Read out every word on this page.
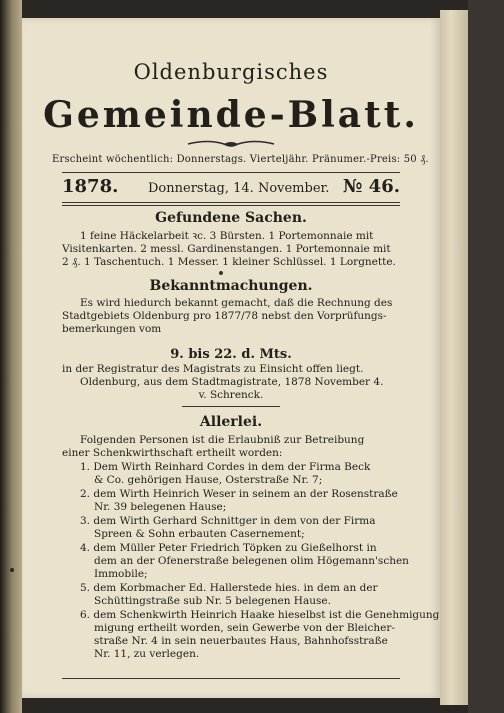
Oldenburgisches
Gemeinde-Blatt.
Erscheint wöchentlich: Donnerstags. Vierteljähr. Pränumer.-Preis: 50 ₰.
1878. Donnerstag, 14. November. № 46.
Gefundene Sachen.
1 feine Häckelarbeit ꝛc. 3 Bürsten. 1 Portemonnaie mit
Visitenkarten. 2 messl. Gardinenstangen. 1 Portemonnaie mit
2 ₰. 1 Taschentuch. 1 Messer. 1 kleiner Schlüssel. 1 Lorgnette.
Bekanntmachungen.
Es wird hiedurch bekannt gemacht, daß die Rechnung des
Stadtgebiets Oldenburg pro 1877/78 nebst den Vorprüfungs-
bemerkungen vom
9. bis 22. d. Mts.
in der Registratur des Magistrats zu Einsicht offen liegt.
Oldenburg, aus dem Stadtmagistrate, 1878 November 4.
v. Schrenck.
Allerlei.
Folgenden Personen ist die Erlaubniß zur Betreibung
einer Schenkwirthschaft ertheilt worden:
1. Dem Wirth Reinhard Cordes in dem der Firma Beck
& Co. gehörigen Hause, Osterstraße Nr. 7;
2. dem Wirth Heinrich Weser in seinem an der Rosenstraße
Nr. 39 belegenen Hause;
3. dem Wirth Gerhard Schnittger in dem von der Firma
Spreen & Sohn erbauten Casernement;
4. dem Müller Peter Friedrich Töpken zu Gießelhorst in
dem an der Ofenerstraße belegenen olim Högemann'schen
Immobile;
5. dem Korbmacher Ed. Hallerstede hies. in dem an der
Schüttingstraße sub Nr. 5 belegenen Hause.
6. dem Schenkwirth Heinrich Haake hieselbst ist die Genehmigung
migung ertheilt worden, sein Gewerbe von der Bleicher-
straße Nr. 4 in sein neuerbautes Haus, Bahnhofsstraße
Nr. 11, zu verlegen.
